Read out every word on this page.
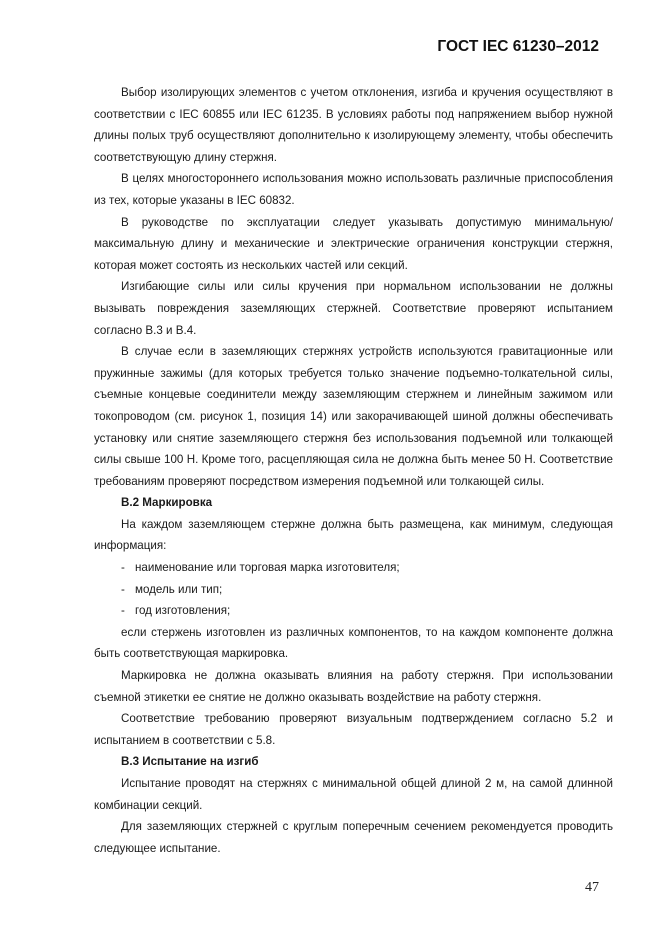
ГОСТ IEC 61230–2012

Выбор изолирующих элементов с учетом отклонения, изгиба и кручения осуществляют в соответствии с IEC 60855 или IEC 61235. В условиях работы под напряжением выбор нужной длины полых труб осуществляют дополнительно к изолирующему элементу, чтобы обеспечить соответствующую длину стержня.

В целях многостороннего использования можно использовать различные приспособления из тех, которые указаны в IEC 60832.

В руководстве по эксплуатации следует указывать допустимую минимальную/максимальную длину и механические и электрические ограничения конструкции стержня, которая может состоять из нескольких частей или секций.

Изгибающие силы или силы кручения при нормальном использовании не должны вызывать повреждения заземляющих стержней. Соответствие проверяют испытанием согласно В.3 и В.4.

В случае если в заземляющих стержнях устройств используются гравитационные или пружинные зажимы (для которых требуется только значение подъемно-толкательной силы, съемные концевые соединители между заземляющим стержнем и линейным зажимом или токопроводом (см. рисунок 1, позиция 14) или закорачивающей шиной должны обеспечивать установку или снятие заземляющего стержня без использования подъемной или толкающей силы свыше 100 Н. Кроме того, расцепляющая сила не должна быть менее 50 Н. Соответствие требованиям проверяют посредством измерения подъемной или толкающей силы.

В.2 Маркировка

На каждом заземляющем стержне должна быть размещена, как минимум, следующая информация:

- наименование или торговая марка изготовителя;

- модель или тип;

- год изготовления;

если стержень изготовлен из различных компонентов, то на каждом компоненте должна быть соответствующая маркировка.

Маркировка не должна оказывать влияния на работу стержня. При использовании съемной этикетки ее снятие не должно оказывать воздействие на работу стержня.

Соответствие требованию проверяют визуальным подтверждением согласно 5.2 и испытанием в соответствии с 5.8.

В.3 Испытание на изгиб

Испытание проводят на стержнях с минимальной общей длиной 2 м, на самой длинной комбинации секций.

Для заземляющих стержней с круглым поперечным сечением рекомендуется проводить следующее испытание.

47
